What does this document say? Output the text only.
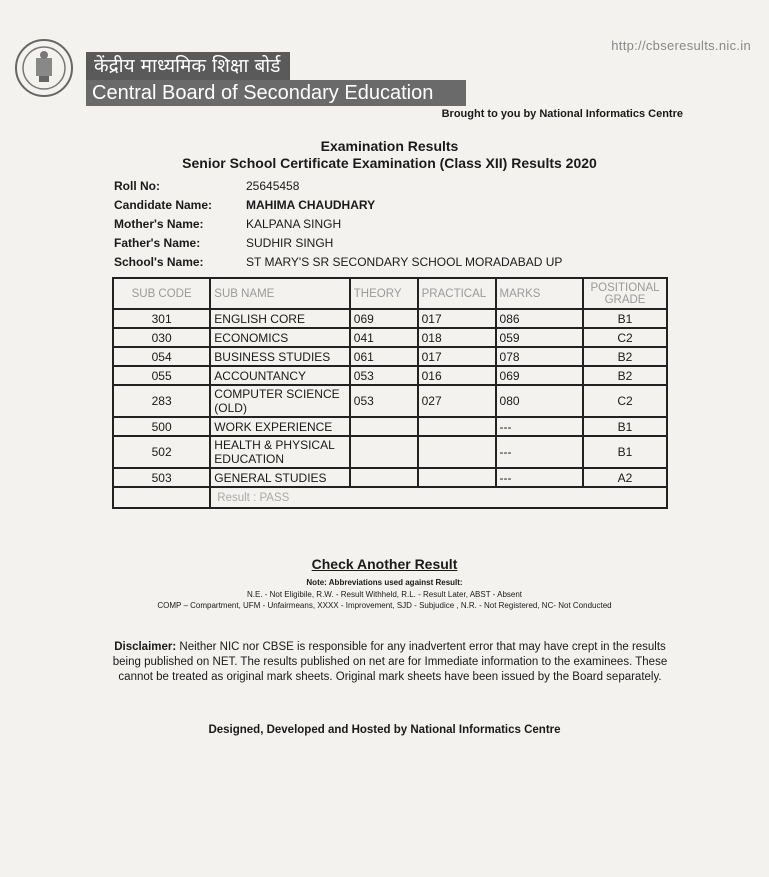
केंद्रीय माध्यमिक शिक्षा बोर्ड
Central Board of Secondary Education
http://cbseresults.nic.in
Brought to you by National Informatics Centre
Examination Results
Senior School Certificate Examination (Class XII) Results 2020
Roll No:	25645458
Candidate Name:	MAHIMA CHAUDHARY
Mother's Name:	KALPANA SINGH
Father's Name:	SUDHIR SINGH
School's Name:	ST MARY'S SR SECONDARY SCHOOL MORADABAD UP
SUB CODE	SUB NAME	THEORY	PRACTICAL	MARKS	POSITIONAL GRADE
301	ENGLISH CORE	069	017	086	B1
030	ECONOMICS	041	018	059	C2
054	BUSINESS STUDIES	061	017	078	B2
055	ACCOUNTANCY	053	016	069	B2
283	COMPUTER SCIENCE (OLD)	053	027	080	C2
500	WORK EXPERIENCE			---	B1
502	HEALTH & PHYSICAL EDUCATION			---	B1
503	GENERAL STUDIES			---	A2
	Result : PASS				
Check Another Result
Note: Abbreviations used against Result:
N.E. - Not Eligibile, R.W. - Result Withheld, R.L. - Result Later, ABST - Absent
COMP – Compartment, UFM - Unfairmeans, XXXX - Improvement, SJD - Subjudice , N.R. - Not Registered, NC- Not Conducted
Disclaimer: Neither NIC nor CBSE is responsible for any inadvertent error that may have crept in the results being published on NET. The results published on net are for Immediate information to the examinees. These cannot be treated as original mark sheets. Original mark sheets have been issued by the Board separately.
Designed, Developed and Hosted by National Informatics Centre
